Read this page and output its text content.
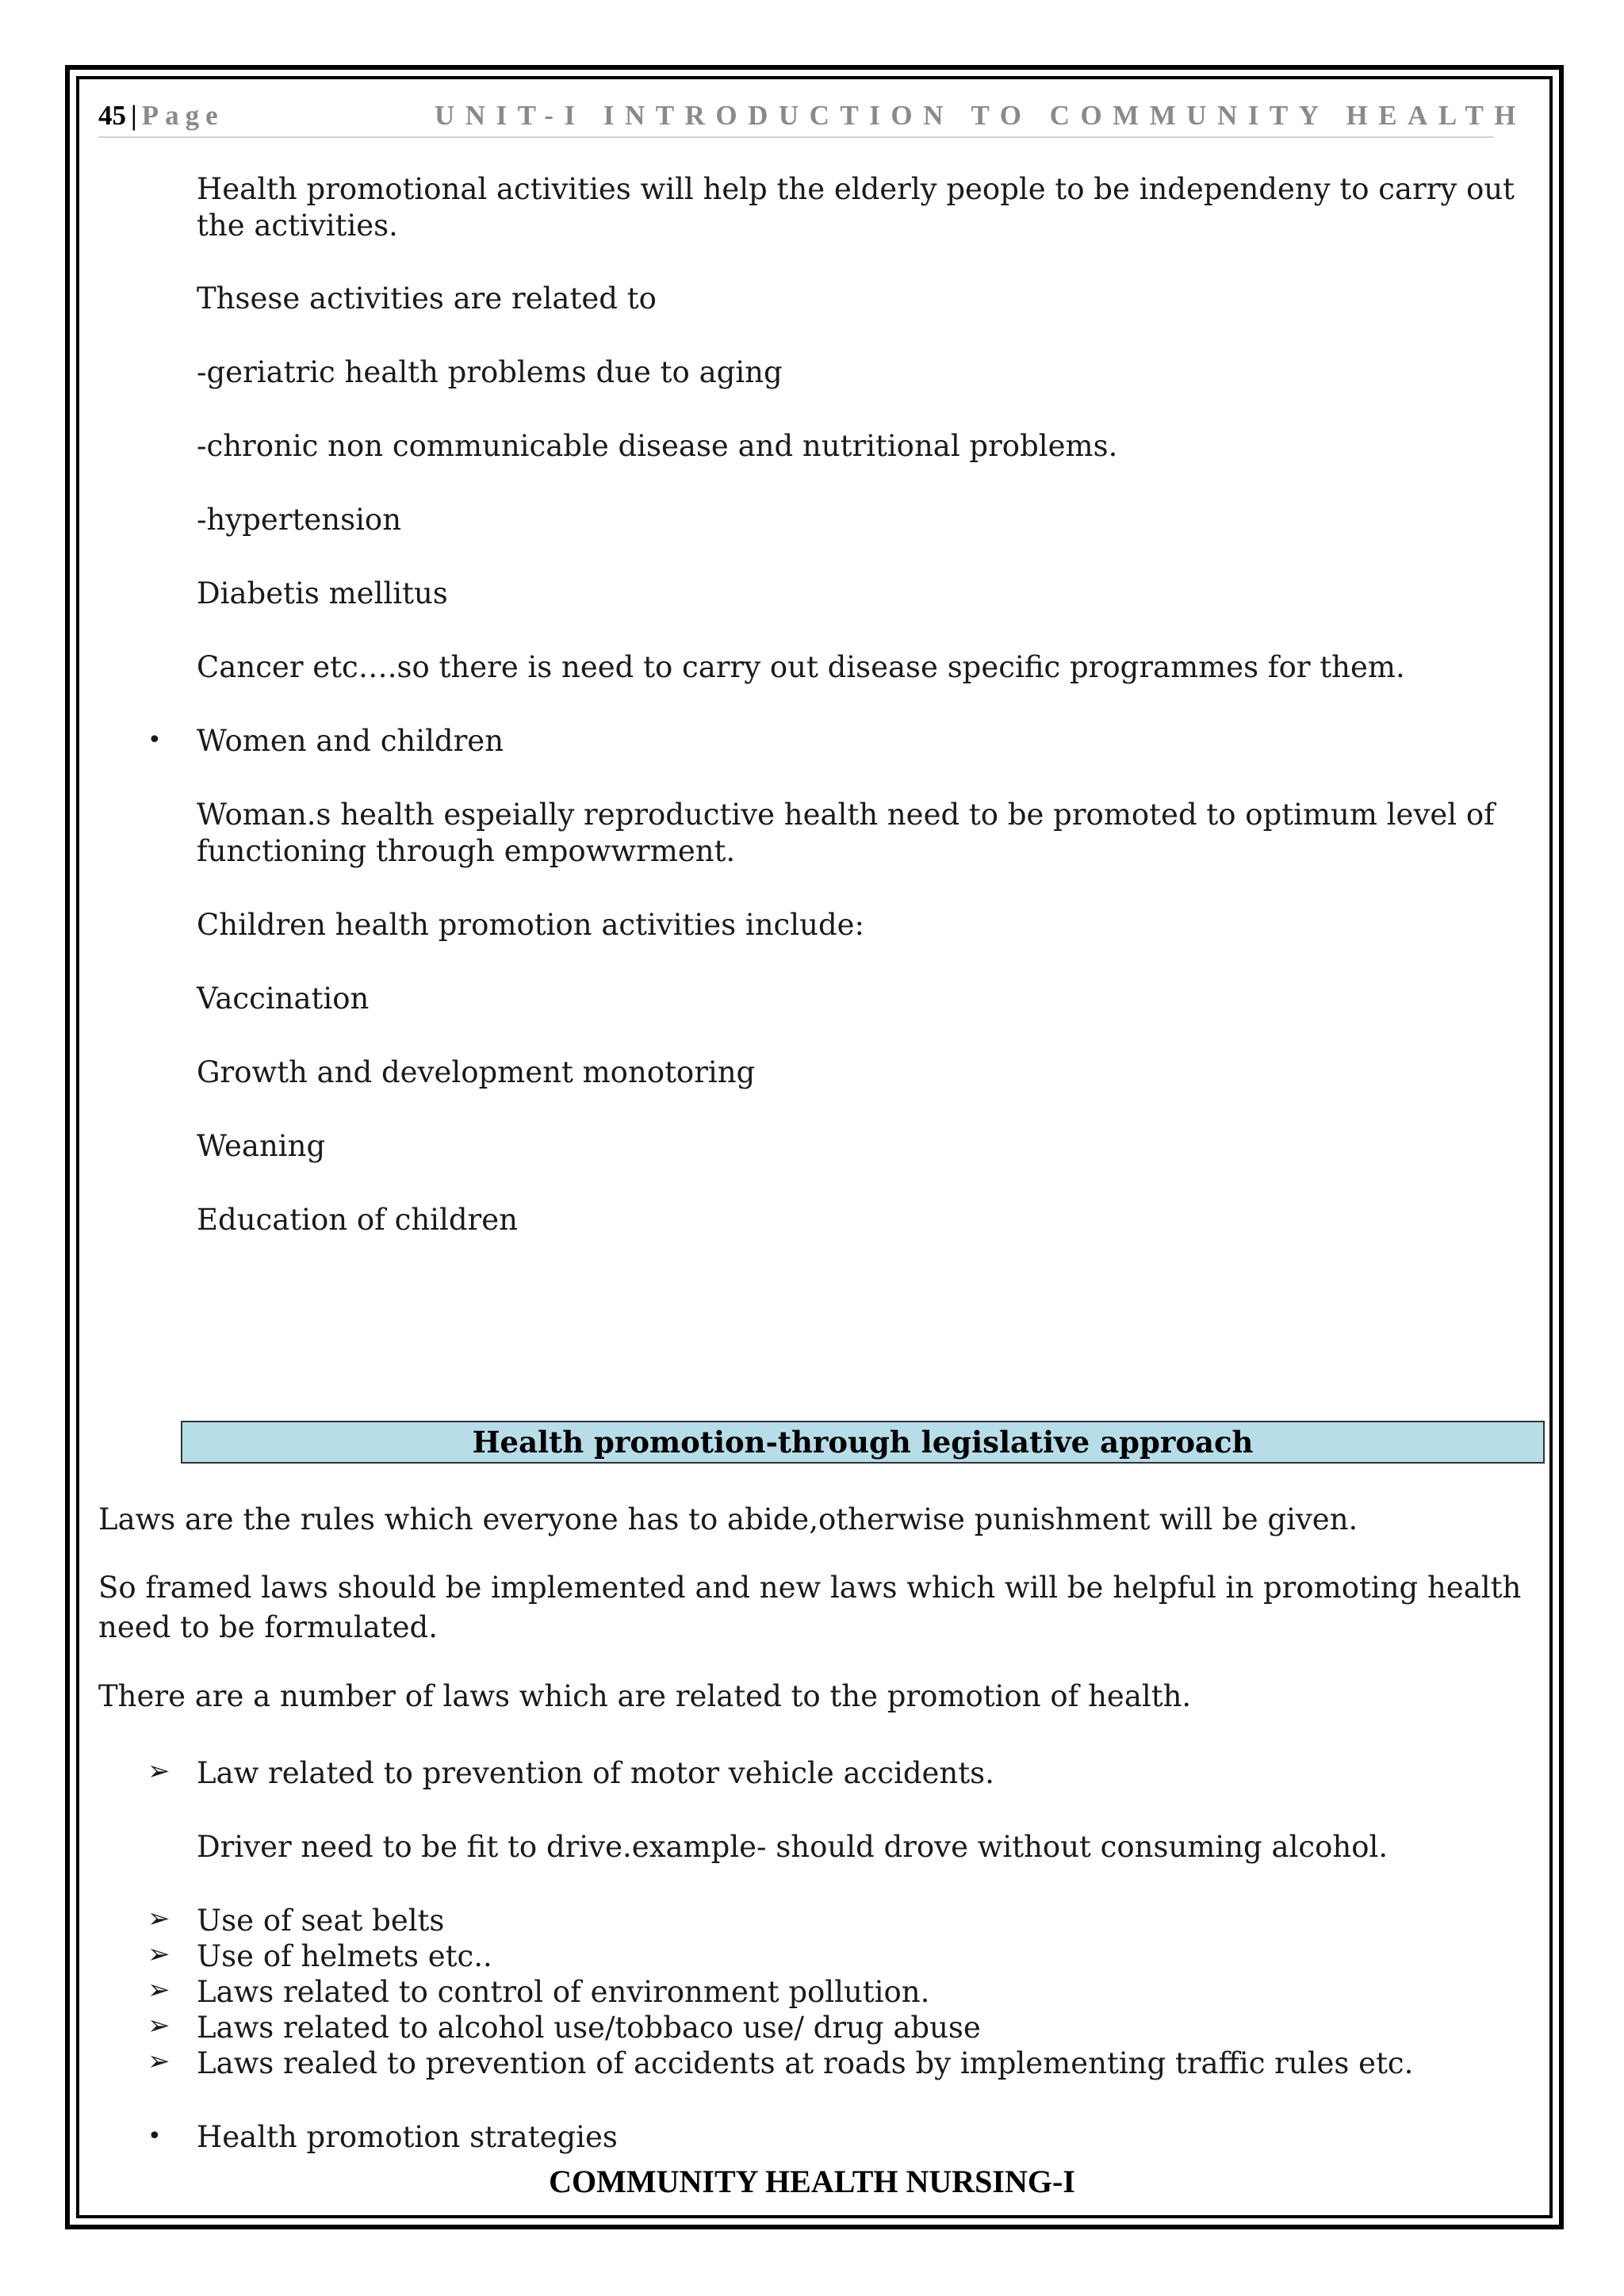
45 | Page	UNIT-I INTRODUCTION TO COMMUNITY HEALTH
Health promotional activities will help the elderly people to be independeny to carry out
the activities.
Thsese activities are related to
-geriatric health problems due to aging
-chronic non communicable disease and nutritional problems.
-hypertension
Diabetis mellitus
Cancer etc….so there is need to carry out disease specific programmes for them.
• Women and children
Woman.s health espeially reproductive health need to be promoted to optimum level of
functioning through empowwrment.
Children health promotion activities include:
Vaccination
Growth and development monotoring
Weaning
Education of children
Health promotion-through legislative approach
Laws are the rules which everyone has to abide,otherwise punishment will be given.
So framed laws should be implemented and new laws which will be helpful in promoting health
need to be formulated.
There are a number of laws which are related to the promotion of health.
➢ Law related to prevention of motor vehicle accidents.
Driver need to be fit to drive.example- should drove without consuming alcohol.
➢ Use of seat belts
➢ Use of helmets etc..
➢ Laws related to control of environment pollution.
➢ Laws related to alcohol use/tobbaco use/ drug abuse
➢ Laws realed to prevention of accidents at roads by implementing traffic rules etc.
• Health promotion strategies
COMMUNITY HEALTH NURSING-I
